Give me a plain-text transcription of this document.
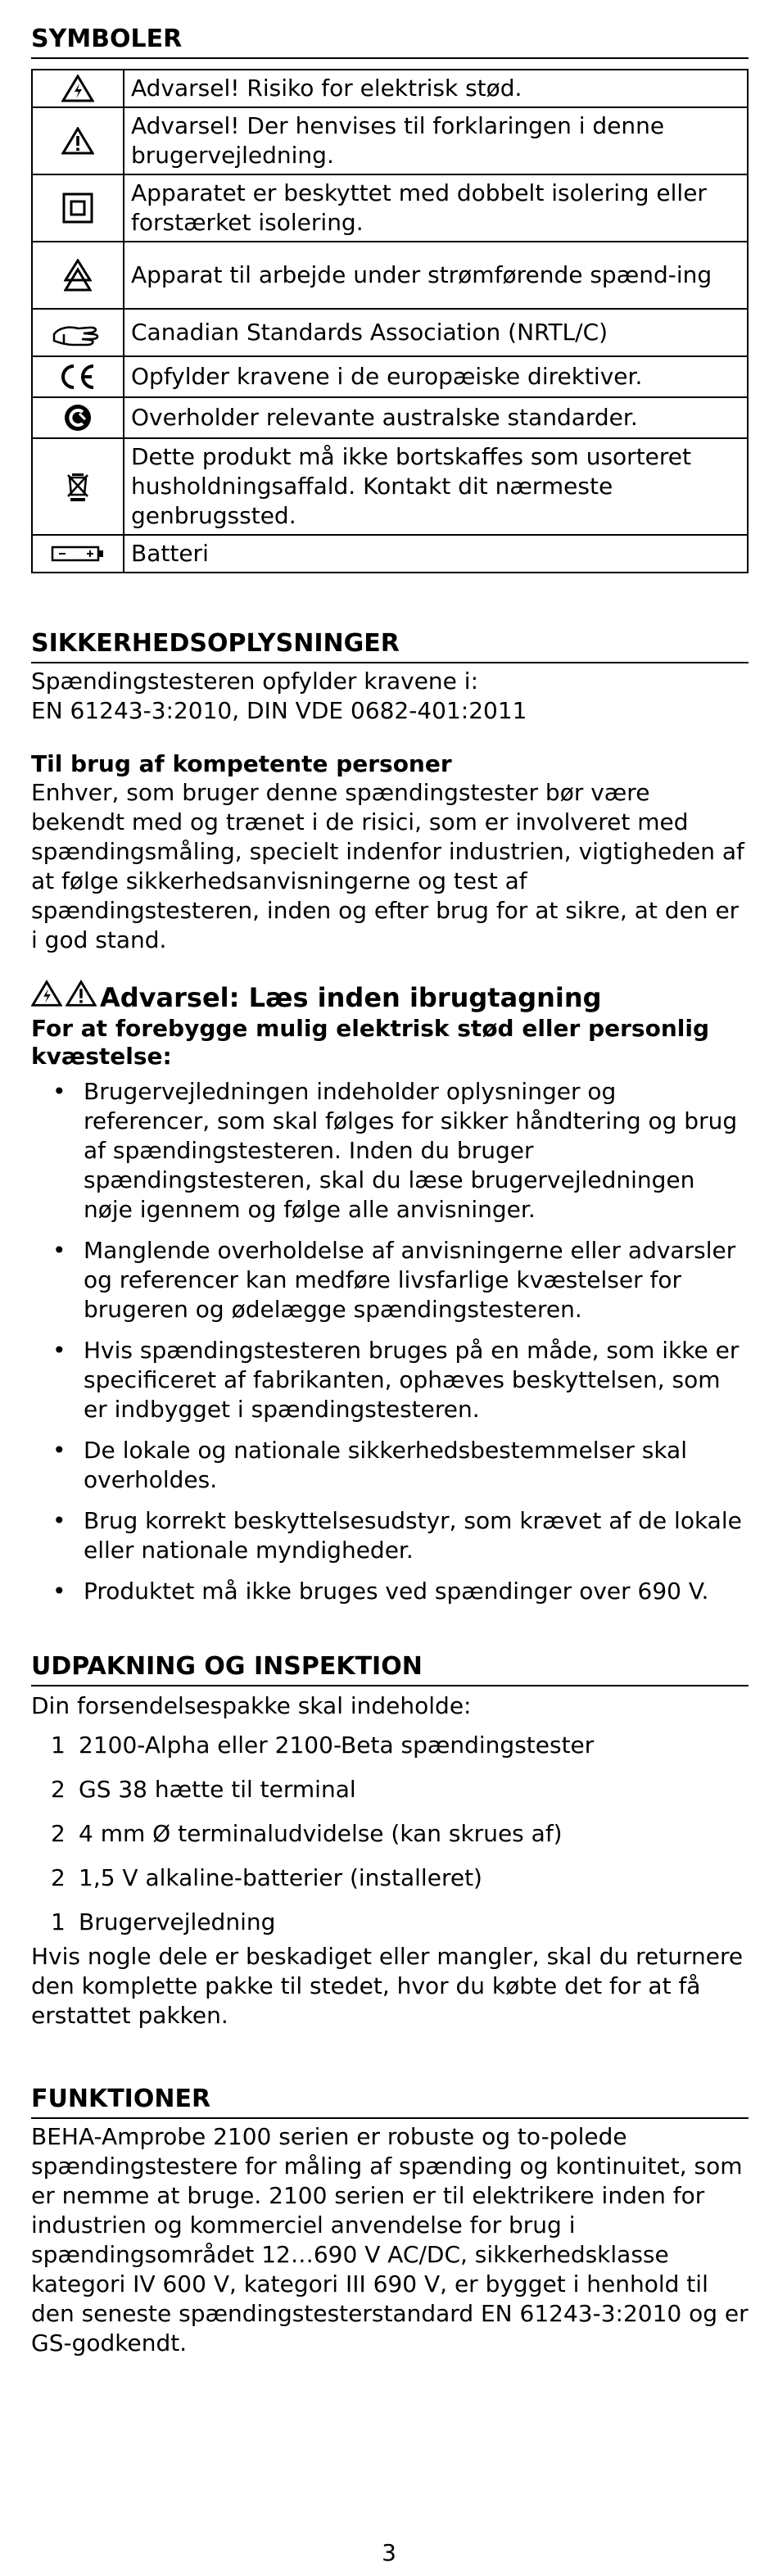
SYMBOLER
	Advarsel! Risiko for elektrisk stød.

	Advarsel! Der henvises til forklaringen i denne brugervejledning.

	Apparatet er beskyttet med dobbelt isolering eller forstærket isolering.

	Apparat til arbejde under strømførende spænd-ing

	Canadian Standards Association (NRTL/C)

	Opfylder kravene i de europæiske direktiver.

	Overholder relevante australske standarder.

	Dette produkt må ikke bortskaffes som usorteret husholdningsaffald. Kontakt dit nærmeste genbrugssted.

	Batteri
SIKKERHEDSOPLYSNINGER

Spændingstesteren opfylder kravene i:

EN 61243-3:2010, DIN VDE 0682-401:2011

Til brug af kompetente personer

Enhver, som bruger denne spændingstester bør være bekendt med og trænet i de risici, som er involveret med spændingsmåling, specielt indenfor industrien, vigtigheden af at følge sikkerhedsanvisningerne og test af spændingstesteren, inden og efter brug for at sikre, at den er i god stand.

Advarsel: Læs inden ibrugtagning

For at forebygge mulig elektrisk stød eller personlig kvæstelse:

• Brugervejledningen indeholder oplysninger og referencer, som skal følges for sikker håndtering og brug af spændingstesteren. Inden du bruger spændingstesteren, skal du læse brugervejledningen nøje igennem og følge alle anvisninger.
• Manglende overholdelse af anvisningerne eller advarsler og referencer kan medføre livsfarlige kvæstelser for brugeren og ødelægge spændingstesteren.
• Hvis spændingstesteren bruges på en måde, som ikke er specificeret af fabrikanten, ophæves beskyttelsen, som er indbygget i spændingstesteren.
• De lokale og nationale sikkerhedsbestemmelser skal overholdes.
• Brug korrekt beskyttelsesudstyr, som krævet af de lokale eller nationale myndigheder.
• Produktet må ikke bruges ved spændinger over 690 V.
UDPAKNING OG INSPEKTION

Din forsendelsespakke skal indeholde:

1 2100-Alpha eller 2100-Beta spændingstester
2 GS 38 hætte til terminal
2 4 mm Ø terminaludvidelse (kan skrues af)
2 1,5 V alkaline-batterier (installeret)
1 Brugervejledning

Hvis nogle dele er beskadiget eller mangler, skal du returnere den komplette pakke til stedet, hvor du købte det for at få erstattet pakken.

FUNKTIONER

BEHA-Amprobe 2100 serien er robuste og to-polede spændingstestere for måling af spænding og kontinuitet, som er nemme at bruge. 2100 serien er til elektrikere inden for industrien og kommerciel anvendelse for brug i spændingsområdet 12…690 V AC/DC, sikkerhedsklasse kategori IV 600 V, kategori III 690 V, er bygget i henhold til den seneste spændingstesterstandard EN 61243-3:2010 og er GS-godkendt.

3
